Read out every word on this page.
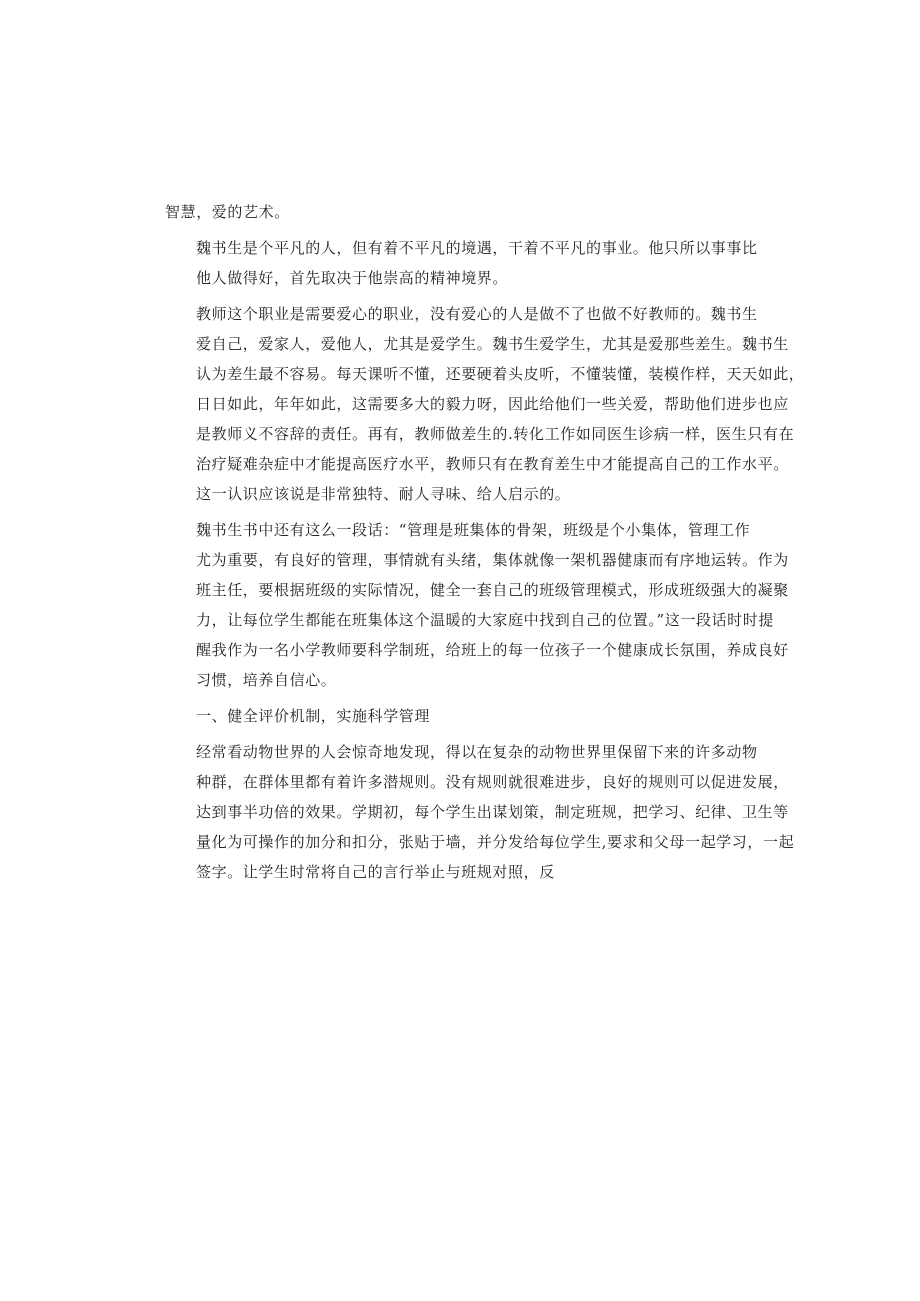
智慧，爱的艺术。

魏书生是个平凡的人，但有着不平凡的境遇，干着不平凡的事业。他只所以事事比
他人做得好，首先取决于他崇高的精神境界。

教师这个职业是需要爱心的职业，没有爱心的人是做不了也做不好教师的。魏书生
爱自己，爱家人，爱他人，尤其是爱学生。魏书生爱学生，尤其是爱那些差生。魏书生
认为差生最不容易。每天课听不懂，还要硬着头皮听，不懂装懂，装模作样，天天如此，
日日如此，年年如此，这需要多大的毅力呀，因此给他们一些关爱，帮助他们进步也应
是教师义不容辞的责任。再有，教师做差生的.转化工作如同医生诊病一样，医生只有在
治疗疑难杂症中才能提高医疗水平，教师只有在教育差生中才能提高自己的工作水平。
这一认识应该说是非常独特、耐人寻味、给人启示的。

魏书生书中还有这么一段话：“管理是班集体的骨架，班级是个小集体，管理工作
尤为重要，有良好的管理，事情就有头绪，集体就像一架机器健康而有序地运转。作为
班主任，要根据班级的实际情况，健全一套自己的班级管理模式，形成班级强大的凝聚
力，让每位学生都能在班集体这个温暖的大家庭中找到自己的位置。”这一段话时时提
醒我作为一名小学教师要科学制班，给班上的每一位孩子一个健康成长氛围，养成良好
习惯，培养自信心。

一、健全评价机制，实施科学管理

经常看动物世界的人会惊奇地发现，得以在复杂的动物世界里保留下来的许多动物
种群，在群体里都有着许多潜规则。没有规则就很难进步，良好的规则可以促进发展，
达到事半功倍的效果。学期初，每个学生出谋划策，制定班规，把学习、纪律、卫生等
量化为可操作的加分和扣分，张贴于墙，并分发给每位学生,要求和父母一起学习，一起
签字。让学生时常将自己的言行举止与班规对照，反
